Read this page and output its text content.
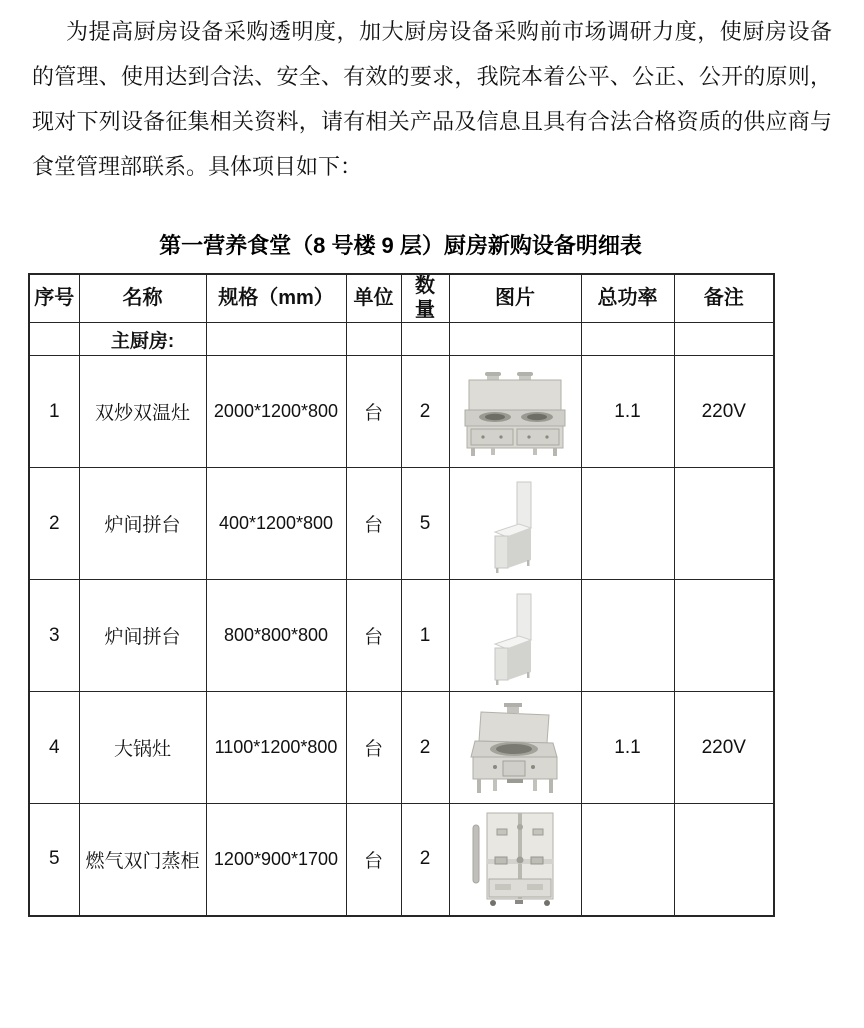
为提高厨房设备采购透明度，加大厨房设备采购前市场调研力度，使厨房设备
的管理、使用达到合法、安全、有效的要求，我院本着公平、公正、公开的原则，
现对下列设备征集相关资料，请有相关产品及信息且具有合法合格资质的供应商与
食堂管理部联系。具体项目如下：
第一营养食堂（8 号楼 9 层）厨房新购设备明细表
序号	名称	规格（mm）	单位	数量	图片	总功率	备注
	主厨房:						
1	双炒双温灶	2000*1200*800	台	2		1.1	220V
2	炉间拼台	400*1200*800	台	5	

3	炉间拼台	800*800*800	台	1	

4	大锅灶	1100*1200*800	台	2		1.1	220V
5	燃气双门蒸柜	1200*900*1700	台	2	
